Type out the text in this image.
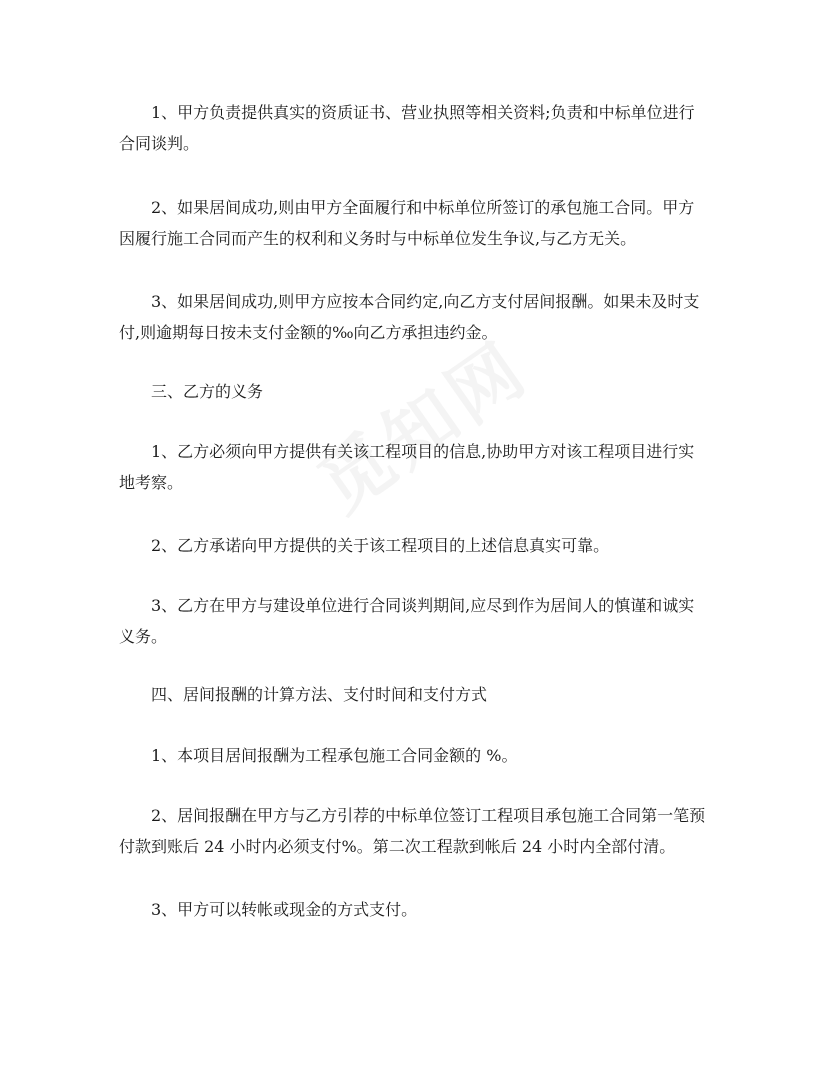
1、甲方负责提供真实的资质证书、营业执照等相关资料;负责和中标单位进行合同谈判。

2、如果居间成功,则由甲方全面履行和中标单位所签订的承包施工合同。甲方因履行施工合同而产生的权利和义务时与中标单位发生争议,与乙方无关。

3、如果居间成功,则甲方应按本合同约定,向乙方支付居间报酬。如果未及时支付,则逾期每日按未支付金额的‰向乙方承担违约金。

三、乙方的义务

1、乙方必须向甲方提供有关该工程项目的信息,协助甲方对该工程项目进行实地考察。

2、乙方承诺向甲方提供的关于该工程项目的上述信息真实可靠。

3、乙方在甲方与建设单位进行合同谈判期间,应尽到作为居间人的慎谨和诚实义务。

四、居间报酬的计算方法、支付时间和支付方式

1、本项目居间报酬为工程承包施工合同金额的 %。

2、居间报酬在甲方与乙方引荐的中标单位签订工程项目承包施工合同第一笔预付款到账后 24 小时内必须支付%。第二次工程款到帐后 24 小时内全部付清。

3、甲方可以转帐或现金的方式支付。
